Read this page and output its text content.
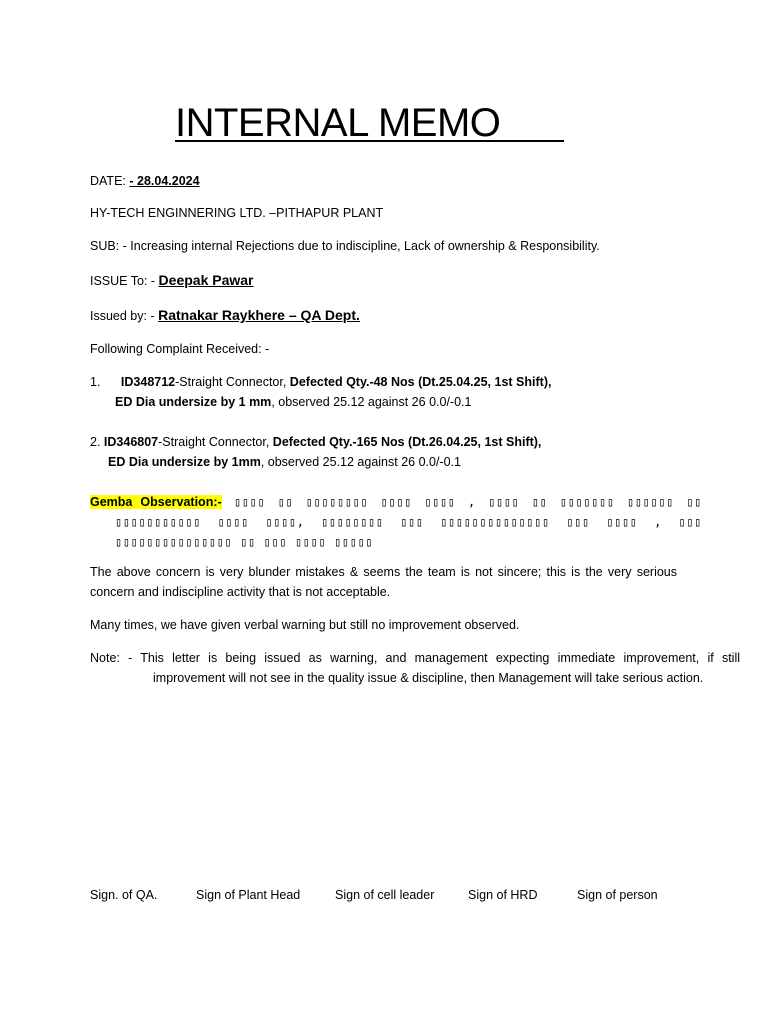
INTERNAL MEMO
DATE: - 28.04.2024
HY-TECH ENGINNERING LTD. –PITHAPUR PLANT
SUB: - Increasing internal Rejections due to indiscipline, Lack of ownership & Responsibility.
ISSUE To: - Deepak Pawar
Issued by: - Ratnakar Raykhere – QA Dept.
Following Complaint Received: -
1. ID348712-Straight Connector, Defected Qty.-48 Nos (Dt.25.04.25, 1st Shift),
ED Dia undersize by 1 mm, observed 25.12 against 26 0.0/-0.1
2. ID346807-Straight Connector, Defected Qty.-165 Nos (Dt.26.04.25, 1st Shift),
ED Dia undersize by 1mm, observed 25.12 against 26 0.0/-0.1
Gemba Observation:- ▯▯▯▯ ▯▯ ▯▯▯▯▯▯▯▯ ▯▯▯▯ ▯▯▯▯ , ▯▯▯▯ ▯▯ ▯▯▯▯▯▯▯ ▯▯▯▯▯▯ ▯▯ ▯▯▯▯▯▯▯▯▯▯▯ ▯▯▯▯ ▯▯▯▯, ▯▯▯▯▯▯▯▯ ▯▯▯ ▯▯▯▯▯▯▯▯▯▯▯▯▯▯ ▯▯▯ ▯▯▯▯ , ▯▯▯ ▯▯▯▯▯▯▯▯▯▯▯▯▯▯▯ ▯▯ ▯▯▯ ▯▯▯▯ ▯▯▯▯▯
The above concern is very blunder mistakes & seems the team is not sincere; this is the very serious concern and indiscipline activity that is not acceptable.
Many times, we have given verbal warning but still no improvement observed.
Note: - This letter is being issued as warning, and management expecting immediate improvement, if still improvement will not see in the quality issue & discipline, then Management will take serious action.
Sign. of QA.	Sign of Plant Head	Sign of cell leader	Sign of HRD	Sign of person
